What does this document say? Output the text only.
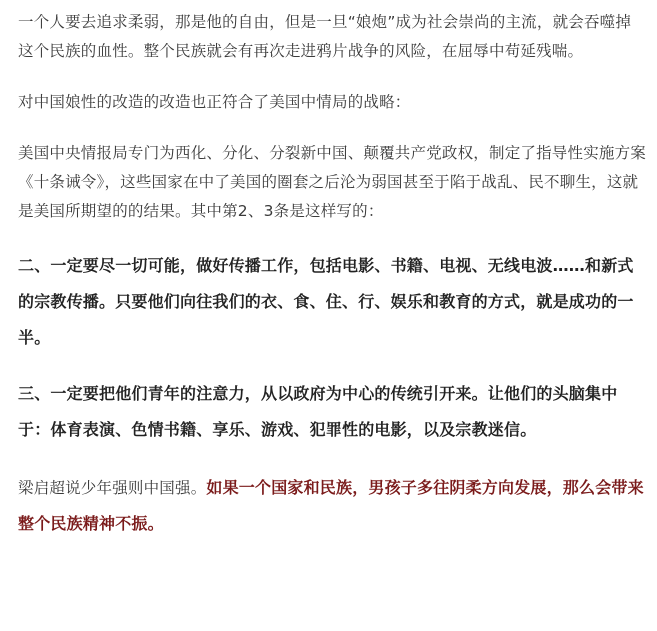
一个人要去追求柔弱，那是他的自由，但是一旦“娘炮”成为社会崇尚的主流，就会吞噬掉这个民族的血性。整个民族就会有再次走进鸦片战争的风险，在屈辱中苟延残喘。

对中国娘性的改造的改造也正符合了美国中情局的战略：

美国中央情报局专门为西化、分化、分裂新中国、颠覆共产党政权，制定了指导性实施方案《十条诫令》，这些国家在中了美国的圈套之后沦为弱国甚至于陷于战乱、民不聊生，这就是美国所期望的的结果。其中第2、3条是这样写的：

二、一定要尽一切可能，做好传播工作，包括电影、书籍、电视、无线电波……和新式的宗教传播。只要他们向往我们的衣、食、住、行、娱乐和教育的方式，就是成功的一半。

三、一定要把他们青年的注意力，从以政府为中心的传统引开来。让他们的头脑集中于：体育表演、色情书籍、享乐、游戏、犯罪性的电影，以及宗教迷信。

梁启超说少年强则中国强。如果一个国家和民族，男孩子多往阴柔方向发展，那么会带来整个民族精神不振。
